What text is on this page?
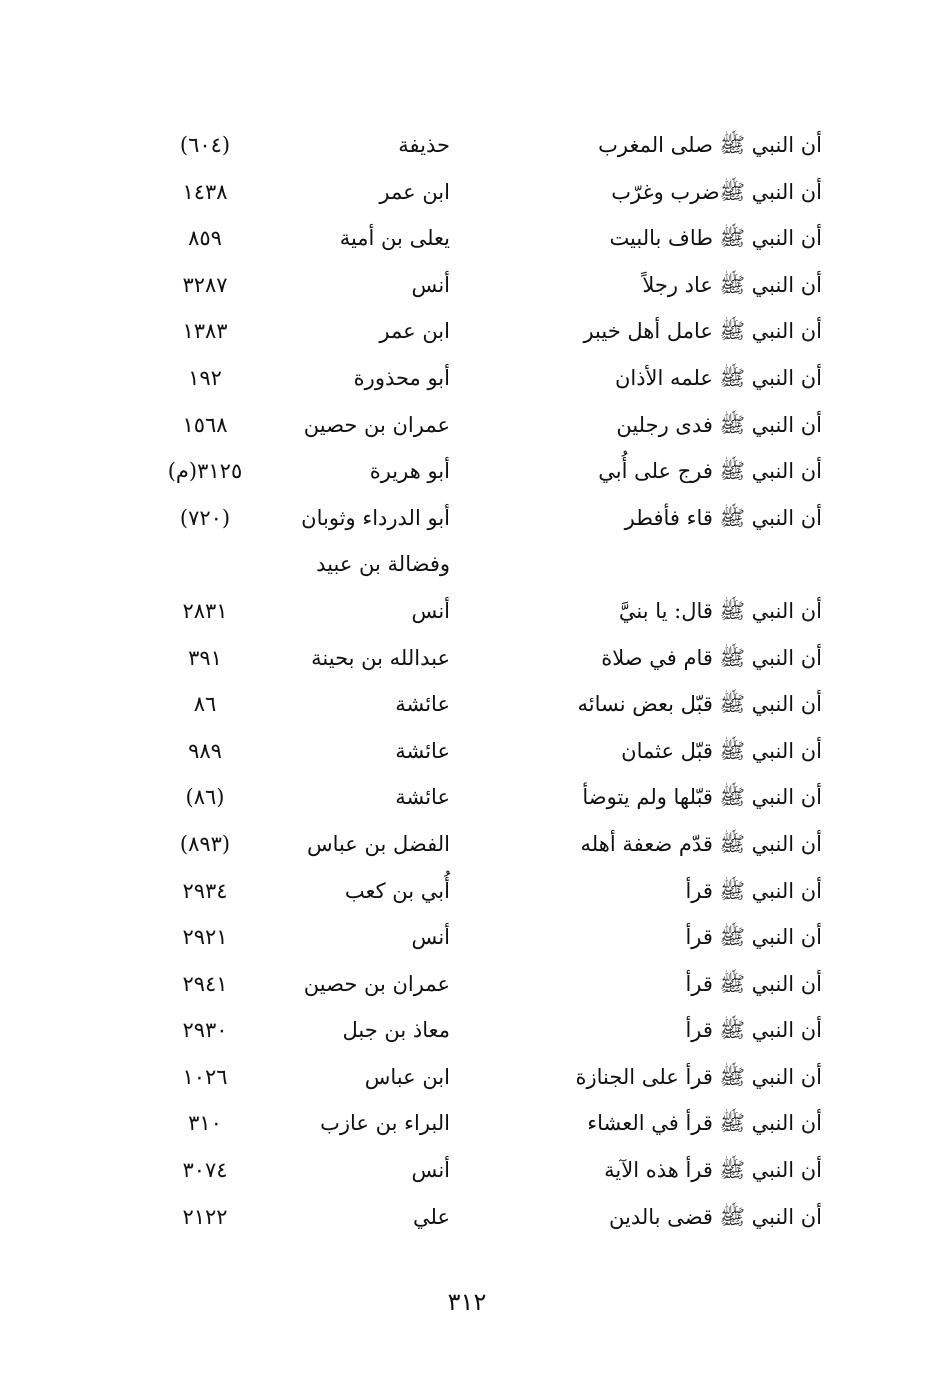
أن النبي ﷺ صلى المغرب
حذيفة
(٦٠٤)
أن النبي ﷺضرب وغرّب
ابن عمر
١٤٣٨
أن النبي ﷺ طاف بالبيت
يعلى بن أمية
٨٥٩
أن النبي ﷺ عاد رجلاً
أنس
٣٢٨٧
أن النبي ﷺ عامل أهل خيبر
ابن عمر
١٣٨٣
أن النبي ﷺ علمه الأذان
أبو محذورة
١٩٢
أن النبي ﷺ فدى رجلين
عمران بن حصين
١٥٦٨
أن النبي ﷺ فرج على أُبي
أبو هريرة
٣١٢٥(م)
أن النبي ﷺ قاء فأفطر
أبو الدرداء وثوبان
(٧٢٠)
وفضالة بن عبيد
أن النبي ﷺ قال: يا بنيَّ
أنس
٢٨٣١
أن النبي ﷺ قام في صلاة
عبدالله بن بحينة
٣٩١
أن النبي ﷺ قبّل بعض نسائه
عائشة
٨٦
أن النبي ﷺ قبّل عثمان
عائشة
٩٨٩
أن النبي ﷺ قبّلها ولم يتوضأ
عائشة
(٨٦)
أن النبي ﷺ قدّم ضعفة أهله
الفضل بن عباس
(٨٩٣)
أن النبي ﷺ قرأ
أُبي بن كعب
٢٩٣٤
أن النبي ﷺ قرأ
أنس
٢٩٢١
أن النبي ﷺ قرأ
عمران بن حصين
٢٩٤١
أن النبي ﷺ قرأ
معاذ بن جبل
٢٩٣٠
أن النبي ﷺ قرأ على الجنازة
ابن عباس
١٠٢٦
أن النبي ﷺ قرأ في العشاء
البراء بن عازب
٣١٠
أن النبي ﷺ قرأ هذه الآية
أنس
٣٠٧٤
أن النبي ﷺ قضى بالدين
علي
٢١٢٢
٣١٢
